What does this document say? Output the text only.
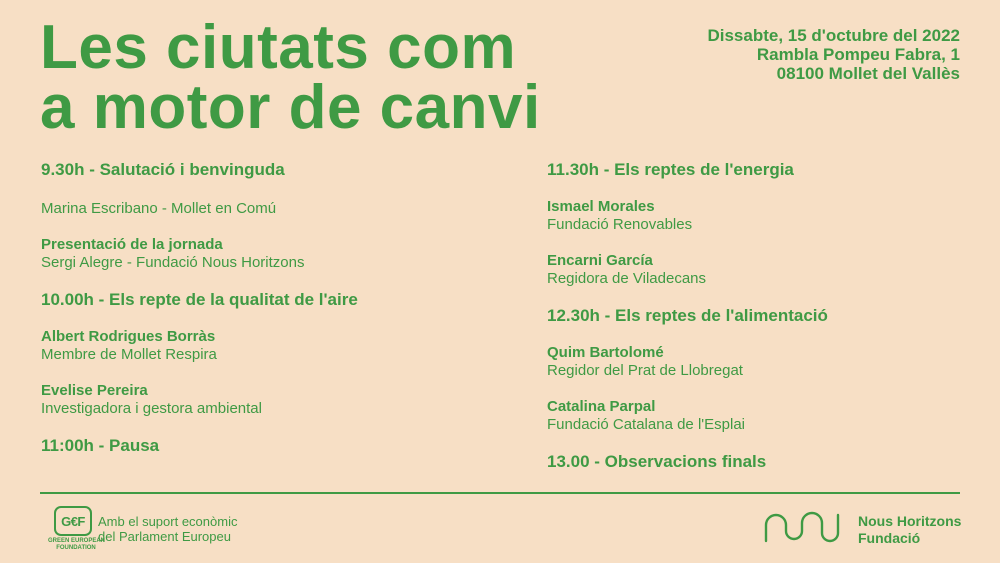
Les ciutats com
a motor de canvi
Dissabte, 15 d'octubre del 2022
Rambla Pompeu Fabra, 1
08100 Mollet del Vallès
9.30h - Salutació i benvinguda
Marina Escribano - Mollet en Comú
Presentació de la jornada
Sergi Alegre - Fundació Nous Horitzons
10.00h - Els repte de la qualitat de l'aire
Albert Rodrigues Borràs
Membre de Mollet Respira
Evelise Pereira
Investigadora i gestora ambiental
11:00h - Pausa
11.30h - Els reptes de l'energia
Ismael Morales
Fundació Renovables
Encarni García
Regidora de Viladecans
12.30h - Els reptes de l'alimentació
Quim Bartolomé
Regidor del Prat de Llobregat
Catalina Parpal
Fundació Catalana de l'Esplai
13.00 - Observacions finals
G€F
GREEN EUROPEAN
FOUNDATION
Amb el suport econòmic
del Parlament Europeu
Nous Horitzons
Fundació
